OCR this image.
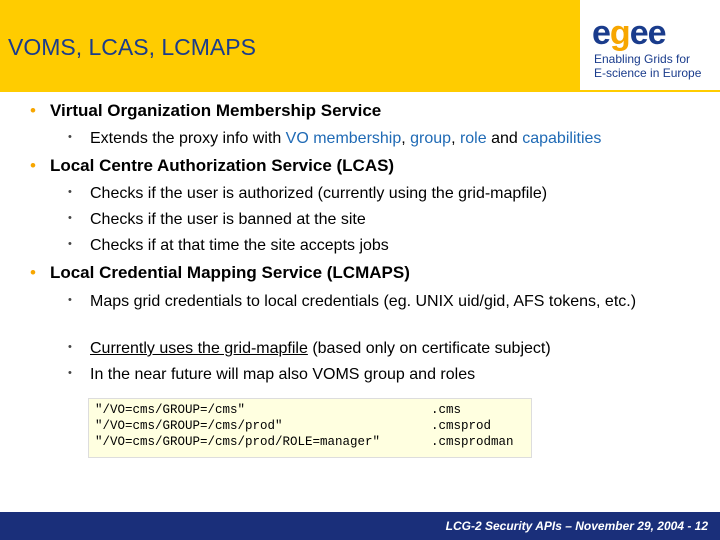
VOMS, LCAS, LCMAPS	egee
Enabling Grids for
E-science in Europe
• Virtual Organization Membership Service
• Extends the proxy info with VO membership, group, role and capabilities
• Local Centre Authorization Service (LCAS)
• Checks if the user is authorized (currently using the grid-mapfile)
• Checks if the user is banned at the site
• Checks if at that time the site accepts jobs
• Local Credential Mapping Service (LCMAPS)
• Maps grid credentials to local credentials (eg. UNIX uid/gid, AFS tokens, etc.)
• Currently uses the grid-mapfile (based only on certificate subject)
• In the near future will map also VOMS group and roles
"/VO=cms/GROUP=/cms"
"/VO=cms/GROUP=/cms/prod"
"/VO=cms/GROUP=/cms/prod/ROLE=manager"
.cms
.cmsprod
.cmsprodman
LCG-2 Security APIs – November 29, 2004 - 12
